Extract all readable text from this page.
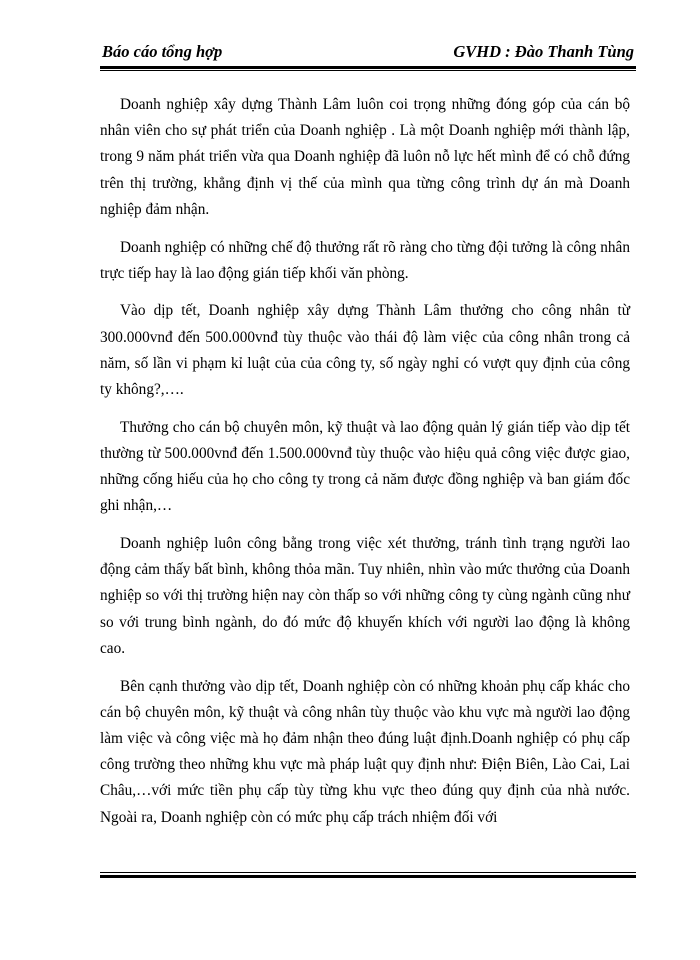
Báo cáo tổng hợp	GVHD : Đào Thanh Tùng

Doanh nghiệp xây dựng Thành Lâm luôn coi trọng những đóng góp của cán bộ nhân viên cho sự phát triển của Doanh nghiệp . Là một Doanh nghiệp mới thành lập, trong 9 năm phát triển vừa qua Doanh nghiệp đã luôn nỗ lực hết mình để có chỗ đứng trên thị trường, khẳng định vị thế của mình qua từng công trình dự án mà Doanh nghiệp đảm nhận.

Doanh nghiệp có những chế độ thưởng rất rõ ràng cho từng đội tưởng là công nhân trực tiếp hay là lao động gián tiếp khối văn phòng.

Vào dịp tết, Doanh nghiệp xây dựng Thành Lâm thưởng cho công nhân từ 300.000vnđ đến 500.000vnđ tùy thuộc vào thái độ làm việc của công nhân trong cả năm, số lần vi phạm kỉ luật của của công ty, số ngày nghỉ có vượt quy định của công ty không?,….

Thưởng cho cán bộ chuyên môn, kỹ thuật và lao động quản lý gián tiếp vào dịp tết thường từ 500.000vnđ đến 1.500.000vnđ tùy thuộc vào hiệu quả công việc được giao, những cống hiếu của họ cho công ty trong cả năm được đồng nghiệp và ban giám đốc ghi nhận,…

Doanh nghiệp luôn công bằng trong việc xét thưởng, tránh tình trạng người lao động cảm thấy bất bình, không thỏa mãn. Tuy nhiên, nhìn vào mức thưởng của Doanh nghiệp so với thị trường hiện nay còn thấp so với những công ty cùng ngành cũng như so với trung bình ngành, do đó mức độ khuyến khích với người lao động là không cao.

Bên cạnh thưởng vào dịp tết, Doanh nghiệp còn có những khoản phụ cấp khác cho cán bộ chuyên môn, kỹ thuật và công nhân tùy thuộc vào khu vực mà người lao động làm việc và công việc mà họ đảm nhận theo đúng luật định.Doanh nghiệp có phụ cấp công trường theo những khu vực mà pháp luật quy định như: Điện Biên, Lào Cai, Lai Châu,…với mức tiền phụ cấp tùy từng khu vực theo đúng quy định của nhà nước. Ngoài ra, Doanh nghiệp còn có mức phụ cấp trách nhiệm đối với
